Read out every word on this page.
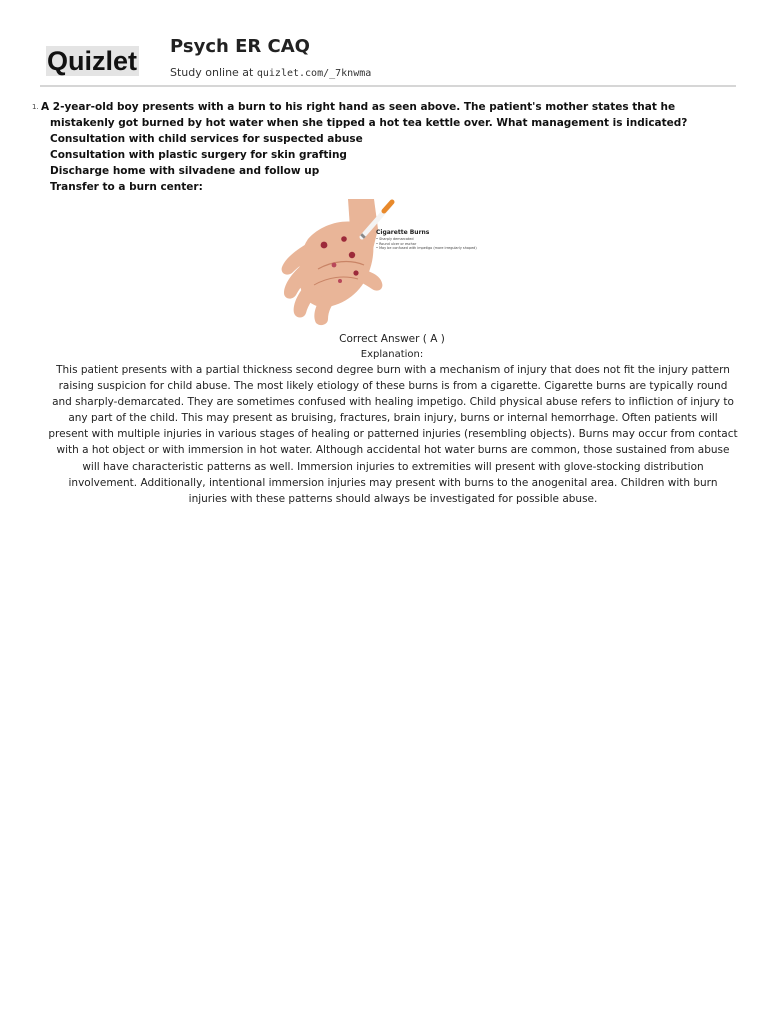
Quizlet Psych ER CAQ
Study online at quizlet.com/_7knwma
1. A 2-year-old boy presents with a burn to his right hand as seen above. The patient's mother states that he mistakenly got burned by hot water when she tipped a hot tea kettle over. What management is indicated?

Consultation with child services for suspected abuse
Consultation with plastic surgery for skin grafting
Discharge home with silvadene and follow up
Transfer to a burn center:
Cigarette Burns
• Sharply demarcated
• Round ulcer or eschar
• May be confused with impetigo (more irregularly shaped)
Correct Answer ( A )
Explanation:

This patient presents with a partial thickness second degree burn with a mechanism of injury that does not fit the injury pattern raising suspicion for child abuse. The most likely etiology of these burns is from a cigarette. Cigarette burns are typically round and sharply-demarcated. They are sometimes confused with healing impetigo. Child physical abuse refers to infliction of injury to any part of the child. This may present as bruising, fractures, brain injury, burns or internal hemorrhage. Often patients will present with multiple injuries in various stages of healing or patterned injuries (resembling objects). Burns may occur from contact with a hot object or with immersion in hot water. Although accidental hot water burns are common, those sustained from abuse will have characteristic patterns as well. Immersion injuries to extremities will present with glove-stocking distribution involvement. Additionally, intentional immersion injuries may present with burns to the anogenital area. Children with burn injuries with these patterns should always be investigated for possible abuse.
